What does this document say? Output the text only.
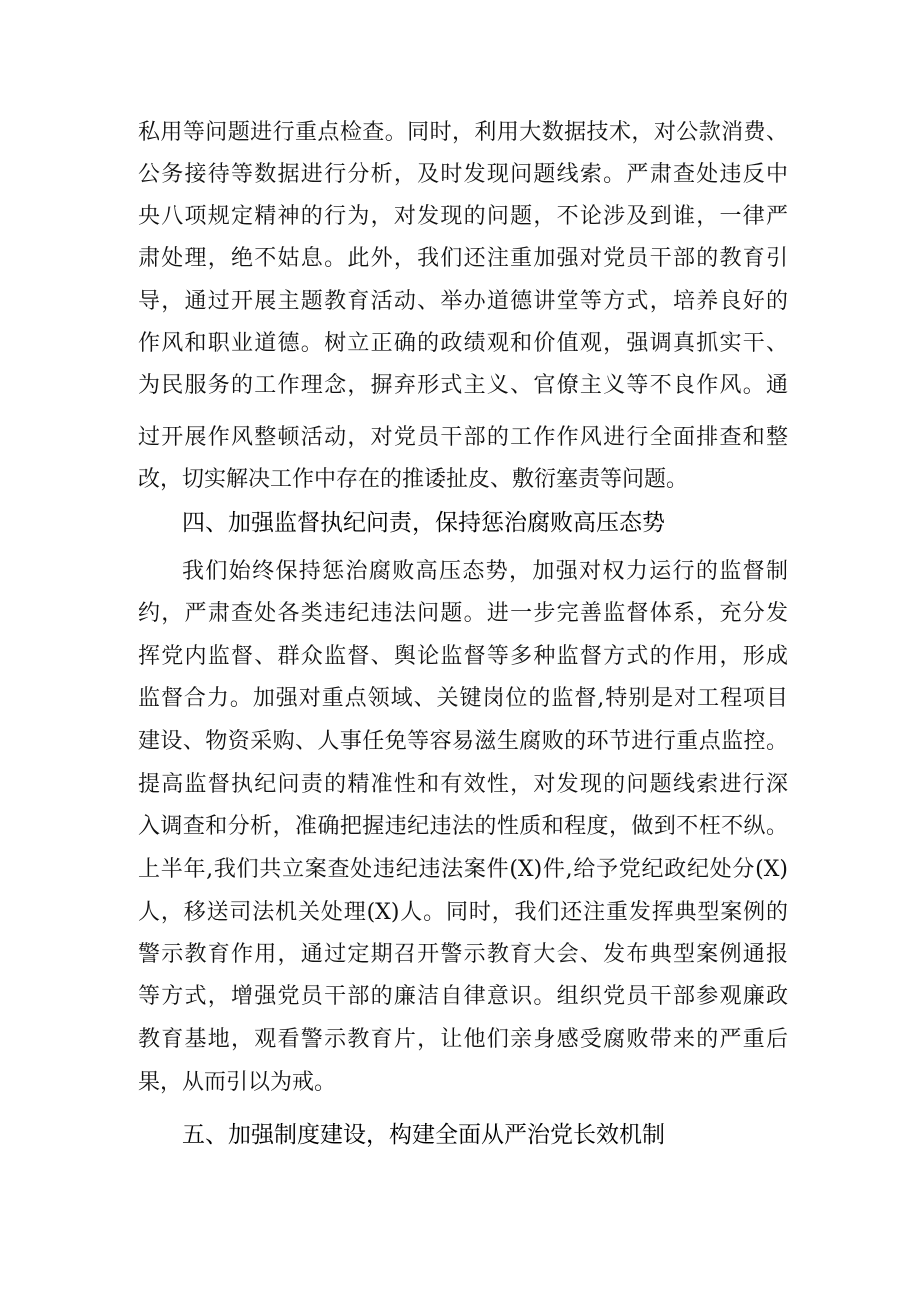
私用等问题进行重点检查。同时，利用大数据技术，对公款消费、
公务接待等数据进行分析，及时发现问题线索。严肃查处违反中
央八项规定精神的行为，对发现的问题，不论涉及到谁，一律严
肃处理，绝不姑息。此外，我们还注重加强对党员干部的教育引
导，通过开展主题教育活动、举办道德讲堂等方式，培养良好的
作风和职业道德。树立正确的政绩观和价值观，强调真抓实干、
为民服务的工作理念，摒弃形式主义、官僚主义等不良作风。通
过开展作风整顿活动，对党员干部的工作作风进行全面排查和整
改，切实解决工作中存在的推诿扯皮、敷衍塞责等问题。
四、加强监督执纪问责，保持惩治腐败高压态势
我们始终保持惩治腐败高压态势，加强对权力运行的监督制
约，严肃查处各类违纪违法问题。进一步完善监督体系，充分发
挥党内监督、群众监督、舆论监督等多种监督方式的作用，形成
监督合力。加强对重点领域、关键岗位的监督,特别是对工程项目
建设、物资采购、人事任免等容易滋生腐败的环节进行重点监控。
提高监督执纪问责的精准性和有效性，对发现的问题线索进行深
入调查和分析，准确把握违纪违法的性质和程度，做到不枉不纵。
上半年,我们共立案查处违纪违法案件(X)件,给予党纪政纪处分(X)
人，移送司法机关处理(X)人。同时，我们还注重发挥典型案例的
警示教育作用，通过定期召开警示教育大会、发布典型案例通报
等方式，增强党员干部的廉洁自律意识。组织党员干部参观廉政
教育基地，观看警示教育片，让他们亲身感受腐败带来的严重后
果，从而引以为戒。
五、加强制度建设，构建全面从严治党长效机制
